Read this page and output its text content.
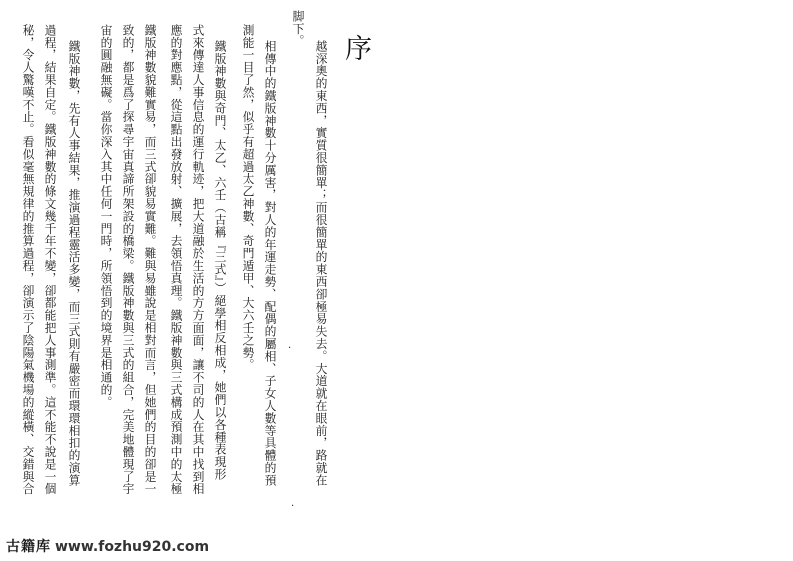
序
越深奧的東西，實質很簡單；而很簡單的東西卻極易失去。大道就在眼前，路就在
脚下。
相傳中的鐵版神數十分厲害，對人的年運走勢、配偶的屬相、子女人數等具體的預
測能一目了然，似乎有超過太乙神數、奇門遁甲、大六壬之勢。
鐵版神數與奇門、太乙、六壬（古稱『三式』）絕學相反相成，她們以各種表現形
式來傳達人事信息的運行軌迹，把大道融於生活的方方面面，讓不司的人在其中找到相
應的對應點，從這點出發放射、擴展，去領悟真理。鐵版神數與三式構成預測中的太極
鐵版神數貌難實易，而三式卻貌易實難。難與易雖說是相對而言，但她們的目的卻是一
致的，都是爲了探尋宇宙真諦所架設的橋梁。鐵版神數與三式的組合，完美地體現了宇
宙的圓融無礙。當你深入其中任何一門時，所領悟到的境界是相通的。
鐵版神數，先有人事結果，推演過程靈活多變，而三式則有嚴密而環環相扣的演算
過程，結果自定。鐵版神數的條文幾千年不變，卻都能把人事測準。這不能不說是一個
秘，令人驚嘆不止。看似毫無規律的推算過程，卻演示了陰陽氣機場的縱橫、交錯與合	·
.
古籍库 www.fozhu920.com
